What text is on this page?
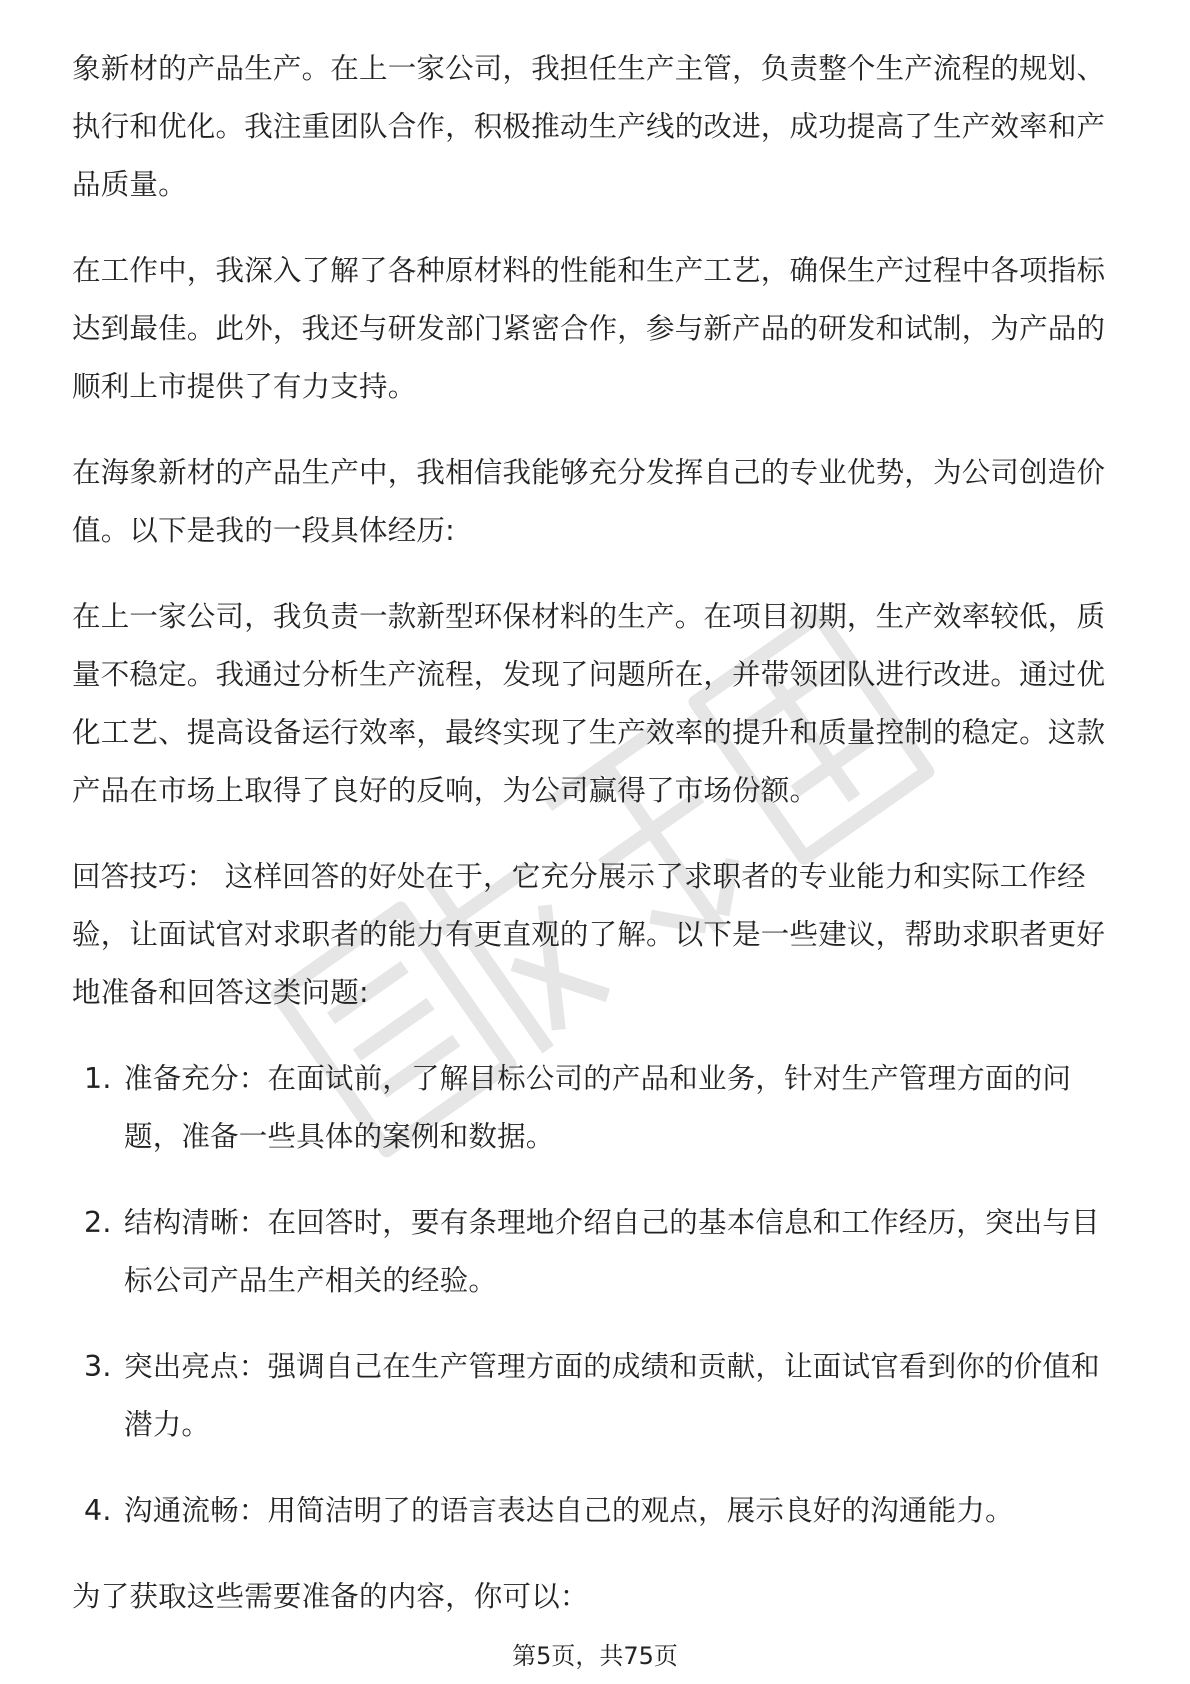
象新材的产品生产。在上一家公司，我担任生产主管，负责整个生产流程的规划、执行和优化。我注重团队合作，积极推动生产线的改进，成功提高了生产效率和产品质量。

在工作中，我深入了解了各种原材料的性能和生产工艺，确保生产过程中各项指标达到最佳。此外，我还与研发部门紧密合作，参与新产品的研发和试制，为产品的顺利上市提供了有力支持。

在海象新材的产品生产中，我相信我能够充分发挥自己的专业优势，为公司创造价值。以下是我的一段具体经历:

在上一家公司，我负责一款新型环保材料的生产。在项目初期，生产效率较低，质量不稳定。我通过分析生产流程，发现了问题所在，并带领团队进行改进。通过优化工艺、提高设备运行效率，最终实现了生产效率的提升和质量控制的稳定。这款产品在市场上取得了良好的反响，为公司赢得了市场份额。

回答技巧： 这样回答的好处在于，它充分展示了求职者的专业能力和实际工作经验，让面试官对求职者的能力有更直观的了解。以下是一些建议，帮助求职者更好地准备和回答这类问题:

1. 准备充分：在面试前，了解目标公司的产品和业务，针对生产管理方面的问题，准备一些具体的案例和数据。
2. 结构清晰：在回答时，要有条理地介绍自己的基本信息和工作经历，突出与目标公司产品生产相关的经验。
3. 突出亮点：强调自己在生产管理方面的成绩和贡献，让面试官看到你的价值和潜力。
4. 沟通流畅：用简洁明了的语言表达自己的观点，展示良好的沟通能力。

为了获取这些需要准备的内容，你可以：

第5页，共75页
